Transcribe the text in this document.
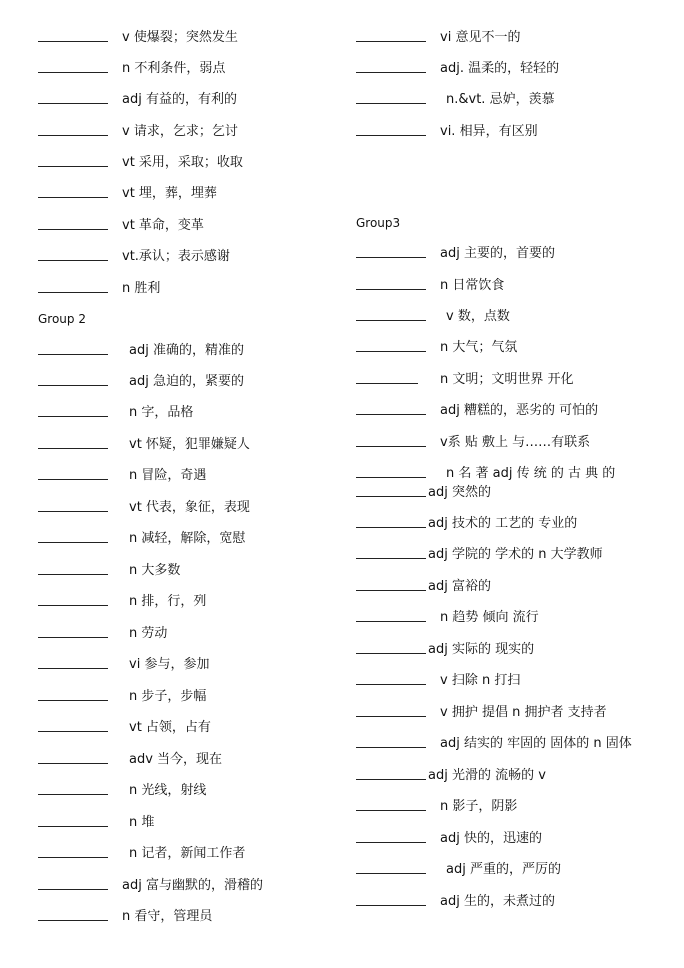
v 使爆裂；突然发生
n 不利条件，弱点
adj 有益的，有利的
v 请求，乞求；乞讨
vt 采用，采取；收取
vt 埋，葬，埋葬
vt 革命，变革
vt.承认；表示感谢
n 胜利
Group 2
adj 准确的，精准的
adj 急迫的，紧要的
n 字，品格
vt 怀疑，犯罪嫌疑人
n 冒险，奇遇
vt 代表，象征，表现
n 减轻，解除，宽慰
n 大多数
n 排，行，列
n 劳动
vi 参与，参加
n 步子，步幅
vt 占领，占有
adv 当今，现在
n 光线，射线
n 堆
n 记者，新闻工作者
adj 富与幽默的，滑稽的
n 看守，管理员
vi 意见不一的
adj. 温柔的，轻轻的
n.&vt. 忌妒，羡慕
vi. 相异，有区别
Group3
adj 主要的，首要的
n 日常饮食
v 数，点数
n 大气；气氛
n 文明；文明世界 开化
adj 糟糕的，恶劣的 可怕的
v系 贴 敷上 与……有联系
n 名 著 adj 传 统 的 古 典 的
adj 突然的
adj 技术的 工艺的 专业的
adj 学院的 学术的 n 大学教师
adj 富裕的
n 趋势 倾向 流行
adj 实际的 现实的
v 扫除 n 打扫
v 拥护 提倡 n 拥护者 支持者
adj 结实的 牢固的 固体的 n 固体
adj 光滑的 流畅的 v
n 影子，阴影
adj 快的，迅速的
adj 严重的，严厉的
adj 生的，未煮过的
